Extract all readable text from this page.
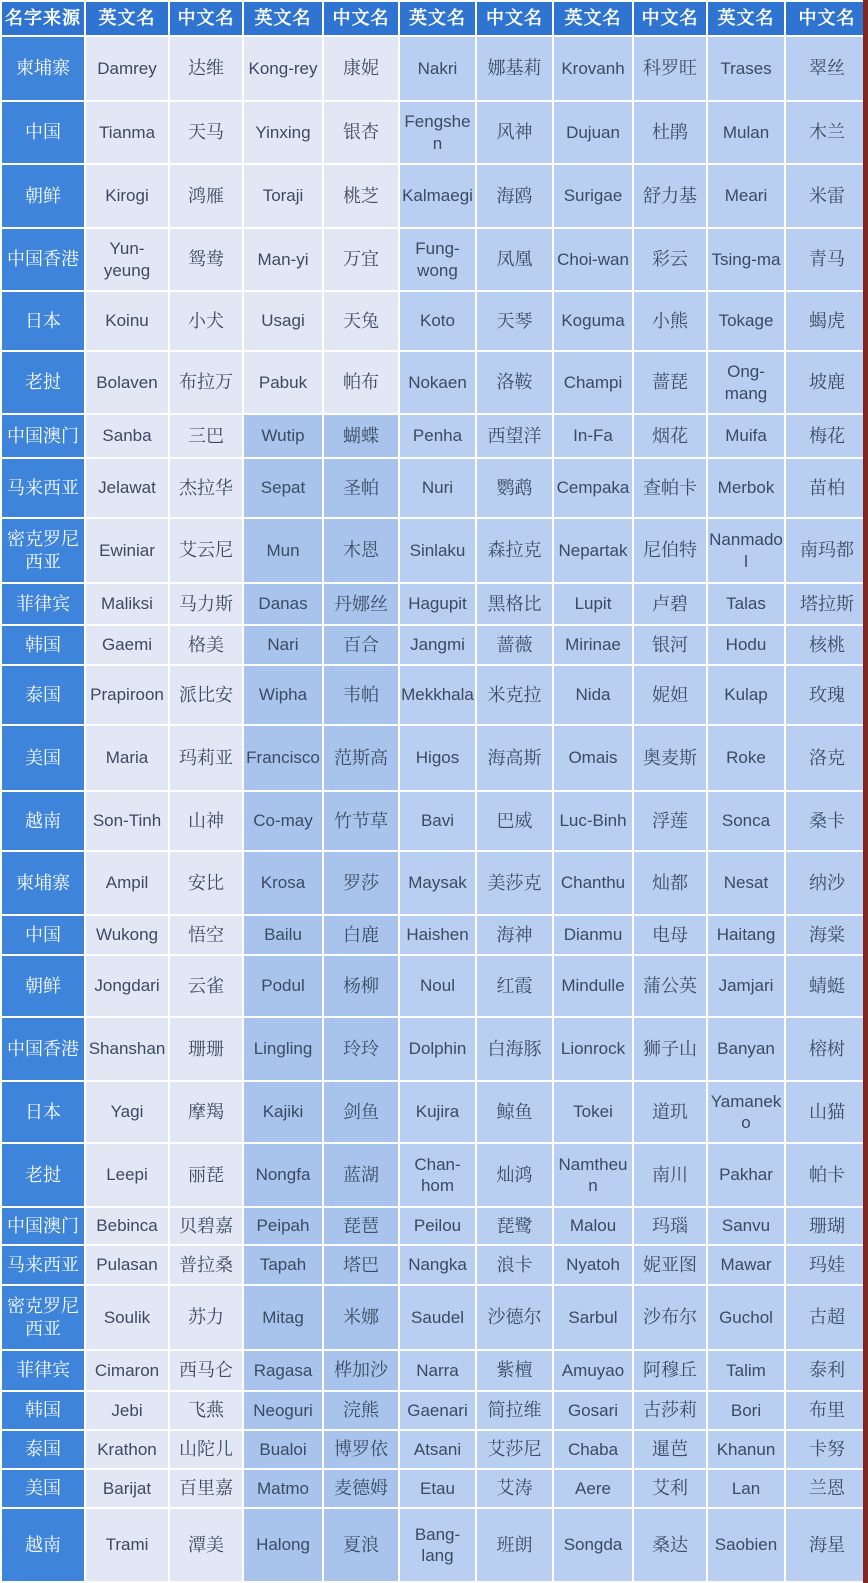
名字来源	英文名	中文名	英文名	中文名	英文名	中文名	英文名	中文名	英文名	中文名
柬埔寨	Damrey	达维	Kong-rey	康妮	Nakri	娜基莉	Krovanh	科罗旺	Trases	翠丝
中国	Tianma	天马	Yinxing	银杏	Fengshen	风神	Dujuan	杜鹃	Mulan	木兰
朝鲜	Kirogi	鸿雁	Toraji	桃芝	Kalmaegi	海鸥	Surigae	舒力基	Meari	米雷
中国香港	Yun-yeung	鸳鸯	Man-yi	万宜	Fung-wong	凤凰	Choi-wan	彩云	Tsing-ma	青马
日本	Koinu	小犬	Usagi	天兔	Koto	天琴	Koguma	小熊	Tokage	蝎虎
老挝	Bolaven	布拉万	Pabuk	帕布	Nokaen	洛鞍	Champi	蔷琵	Ong-mang	坡鹿
中国澳门	Sanba	三巴	Wutip	蝴蝶	Penha	西望洋	In-Fa	烟花	Muifa	梅花
马来西亚	Jelawat	杰拉华	Sepat	圣帕	Nuri	鹦鹉	Cempaka	查帕卡	Merbok	苗柏
密克罗尼西亚	Ewiniar	艾云尼	Mun	木恩	Sinlaku	森拉克	Nepartak	尼伯特	Nanmadol	南玛都
菲律宾	Maliksi	马力斯	Danas	丹娜丝	Hagupit	黑格比	Lupit	卢碧	Talas	塔拉斯
韩国	Gaemi	格美	Nari	百合	Jangmi	蔷薇	Mirinae	银河	Hodu	核桃
泰国	Prapiroon	派比安	Wipha	韦帕	Mekkhala	米克拉	Nida	妮妲	Kulap	玫瑰
美国	Maria	玛莉亚	Francisco	范斯高	Higos	海高斯	Omais	奥麦斯	Roke	洛克
越南	Son-Tinh	山神	Co-may	竹节草	Bavi	巴威	Luc-Binh	浮莲	Sonca	桑卡
柬埔寨	Ampil	安比	Krosa	罗莎	Maysak	美莎克	Chanthu	灿都	Nesat	纳沙
中国	Wukong	悟空	Bailu	白鹿	Haishen	海神	Dianmu	电母	Haitang	海棠
朝鲜	Jongdari	云雀	Podul	杨柳	Noul	红霞	Mindulle	蒲公英	Jamjari	蜻蜓
中国香港	Shanshan	珊珊	Lingling	玲玲	Dolphin	白海豚	Lionrock	狮子山	Banyan	榕树
日本	Yagi	摩羯	Kajiki	剑鱼	Kujira	鲸鱼	Tokei	道玑	Yamaneko	山猫
老挝	Leepi	丽琵	Nongfa	蓝湖	Chan-hom	灿鸿	Namtheun	南川	Pakhar	帕卡
中国澳门	Bebinca	贝碧嘉	Peipah	琵琶	Peilou	琵鹭	Malou	玛瑙	Sanvu	珊瑚
马来西亚	Pulasan	普拉桑	Tapah	塔巴	Nangka	浪卡	Nyatoh	妮亚图	Mawar	玛娃
密克罗尼西亚	Soulik	苏力	Mitag	米娜	Saudel	沙德尔	Sarbul	沙布尔	Guchol	古超
菲律宾	Cimaron	西马仑	Ragasa	桦加沙	Narra	紫檀	Amuyao	阿穆丘	Talim	泰利
韩国	Jebi	飞燕	Neoguri	浣熊	Gaenari	简拉维	Gosari	古莎莉	Bori	布里
泰国	Krathon	山陀儿	Bualoi	博罗依	Atsani	艾莎尼	Chaba	暹芭	Khanun	卡努
美国	Barijat	百里嘉	Matmo	麦德姆	Etau	艾涛	Aere	艾利	Lan	兰恩
越南	Trami	潭美	Halong	夏浪	Bang-lang	班朗	Songda	桑达	Saobien	海星
